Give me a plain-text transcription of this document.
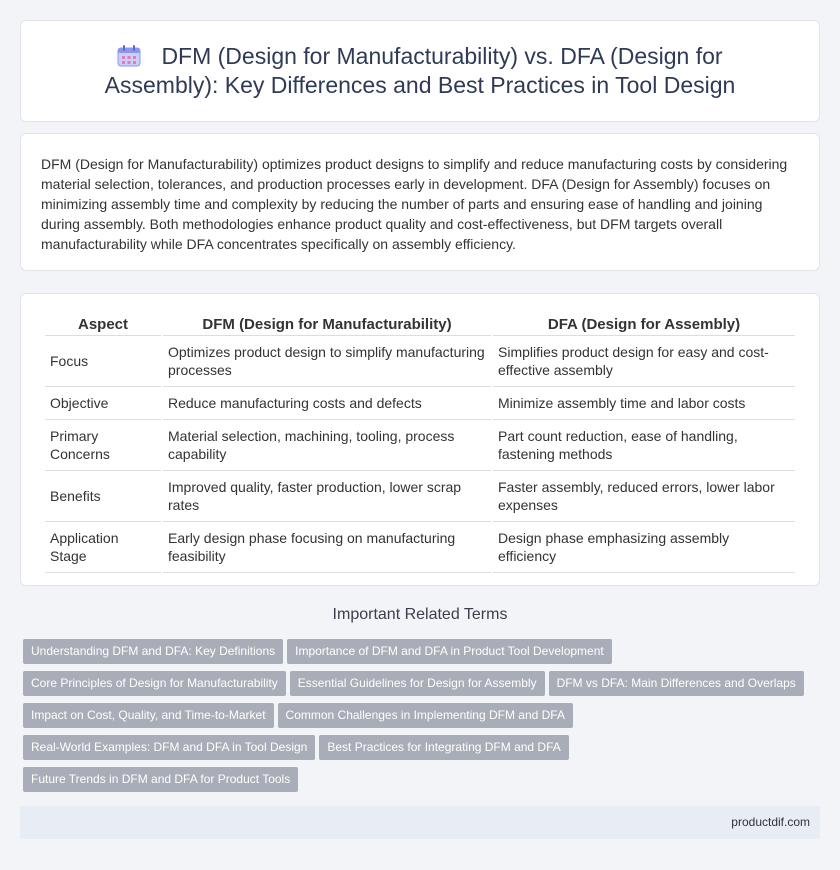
DFM (Design for Manufacturability) vs. DFA (Design for Assembly): Key Differences and Best Practices in Tool Design

DFM (Design for Manufacturability) optimizes product designs to simplify and reduce manufacturing costs by considering material selection, tolerances, and production processes early in development. DFA (Design for Assembly) focuses on minimizing assembly time and complexity by reducing the number of parts and ensuring ease of handling and joining during assembly. Both methodologies enhance product quality and cost-effectiveness, but DFM targets overall manufacturability while DFA concentrates specifically on assembly efficiency.

Aspect	DFM (Design for Manufacturability)	DFA (Design for Assembly)
Focus	Optimizes product design to simplify manufacturing processes	Simplifies product design for easy and cost-effective assembly
Objective	Reduce manufacturing costs and defects	Minimize assembly time and labor costs
Primary Concerns	Material selection, machining, tooling, process capability	Part count reduction, ease of handling, fastening methods
Benefits	Improved quality, faster production, lower scrap rates	Faster assembly, reduced errors, lower labor expenses
Application Stage	Early design phase focusing on manufacturing feasibility	Design phase emphasizing assembly efficiency
Important Related Terms
Understanding DFM and DFA: Key Definitions Importance of DFM and DFA in Product Tool Development
Core Principles of Design for Manufacturability Essential Guidelines for Design for Assembly DFM vs DFA: Main Differences and Overlaps
Impact on Cost, Quality, and Time-to-Market Common Challenges in Implementing DFM and DFA
Real-World Examples: DFM and DFA in Tool Design Best Practices for Integrating DFM and DFA
Future Trends in DFM and DFA for Product Tools
productdif.com
